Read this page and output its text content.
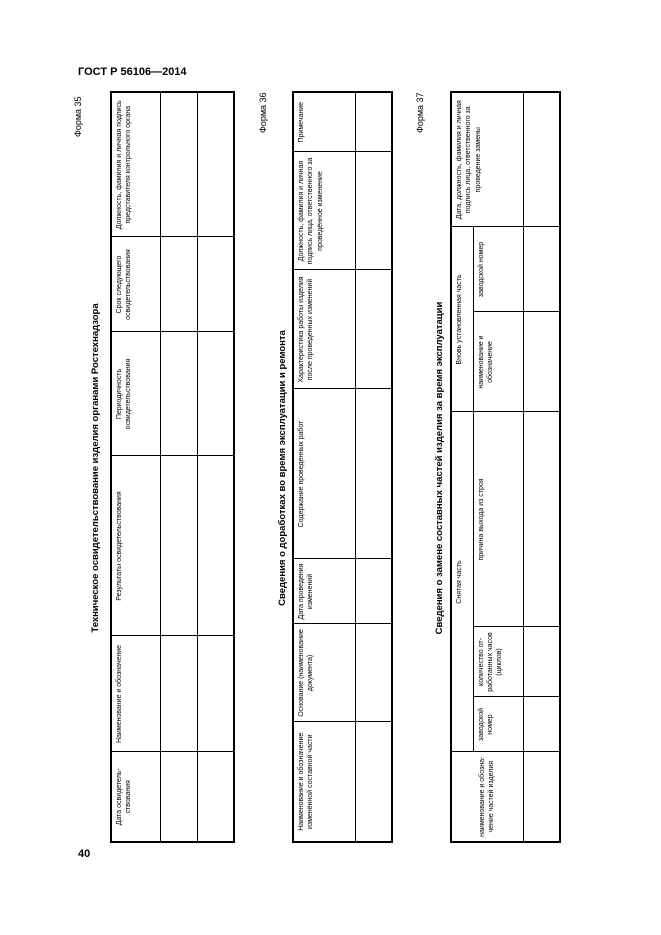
ГОСТ Р 56106—2014
40
Форма 35
Техническое освидетельствование изделия органами Ростехнадзора
Дата освидетельствования	Наименование и обозначение	Результаты освидетельствования	Периодичность освидетельствования	Срок следующего освидетельствования	Должность, фамилия и личная подпись представителя контрольного органа

						Форма 36
Сведения о доработках во время эксплуатации и ремонта
Наименование и обозначение изменённой составной части	Основание (наименование документа)	Дата проведения изменений	Содержание проведенных работ	Характеристика работы изделия после проведенных изменений	Должность, фамилия и личная подпись лица, ответственного за проведённое изменение	Примечание
							Форма 37
Сведения о замене составных частей изделия за время эксплуатации
наименование и обозначение частей изделия	Снятая часть			Вновь установленная часть		Дата, должность, фамилия и личная подпись лица, ответственного за проведение замены
	заводской номер	количество отработанных часов (циклов)	причина выхода из строя	наименование и обозначение	заводской номер	
